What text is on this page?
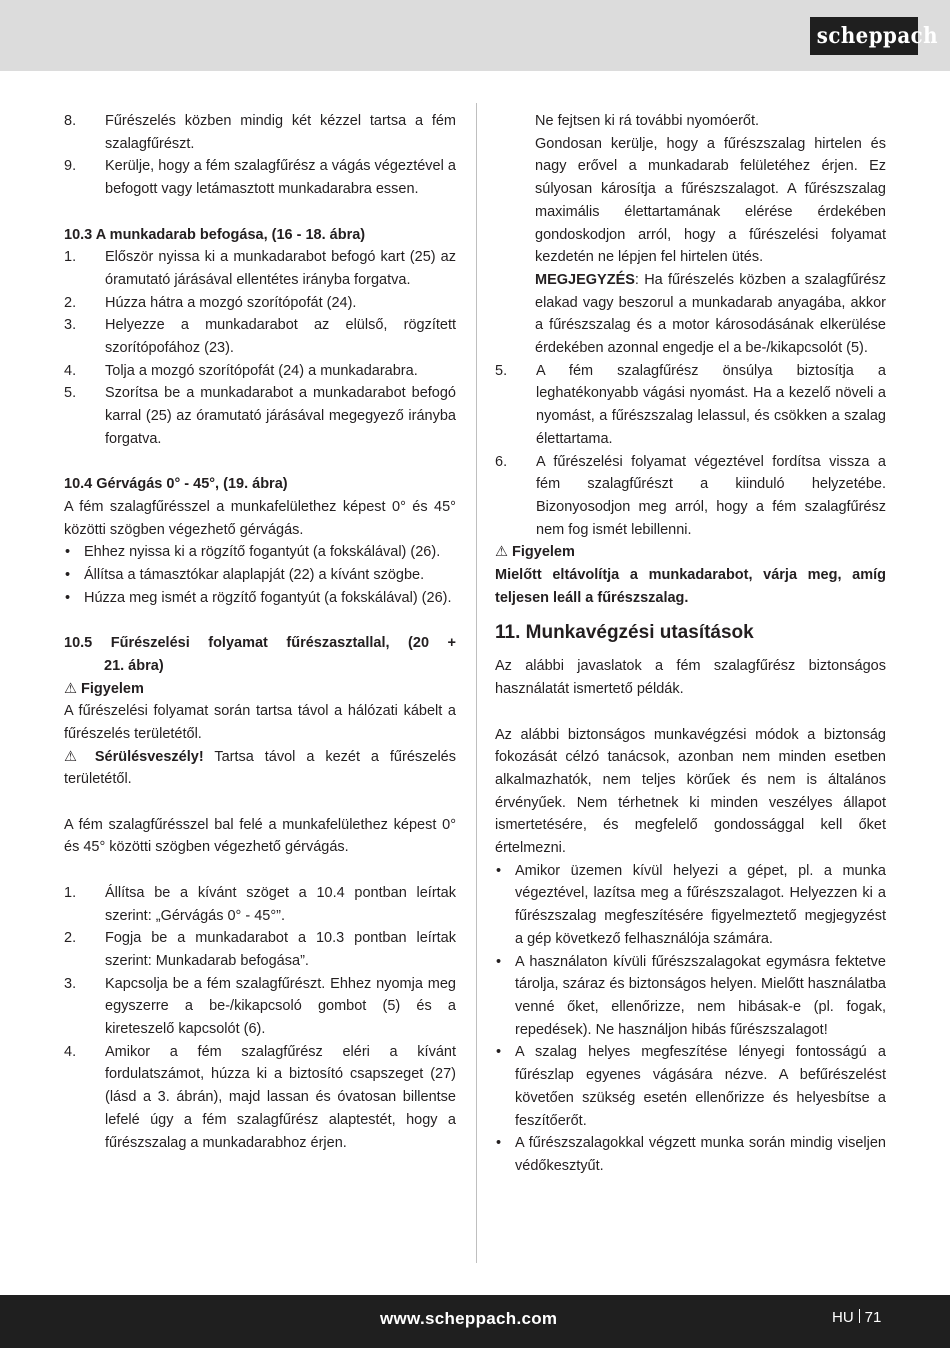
scheppach
8.	Fűrészelés közben mindig két kézzel tartsa a fém szalagfűrészt.
9.	Kerülje, hogy a fém szalagfűrész a vágás végeztével a befogott vagy letámasztott munkadarabra essen.

10.3 A munkadarab befogása, (16 - 18. ábra)

1.	Először nyissa ki a munkadarabot befogó kart (25) az óramutató járásával ellentétes irányba forgatva.
2.	Húzza hátra a mozgó szorítópofát (24).
3.	Helyezze a munkadarabot az elülső, rögzített szorítópofához (23).
4.	Tolja a mozgó szorítópofát (24) a munkadarabra.
5.	Szorítsa be a munkadarabot a munkadarabot befogó karral (25) az óramutató járásával megegyező irányba forgatva.

10.4 Gérvágás 0° - 45°, (19. ábra)

A fém szalagfűrésszel a munkafelülethez képest 0° és 45° közötti szögben végezhető gérvágás.

• Ehhez nyissa ki a rögzítő fogantyút (a fokskálával) (26).
• Állítsa a támasztókar alaplapját (22) a kívánt szögbe.
• Húzza meg ismét a rögzítő fogantyút (a fokskálával) (26).

10.5 Fűrészelési folyamat fűrészasztallal, (20 +

21. ábra)

⚠ Figyelem

A fűrészelési folyamat során tartsa távol a hálózati kábelt a fűrészelés területétől.

⚠ Sérülésveszély! Tartsa távol a kezét a fűrészelés területétől.

A fém szalagfűrésszel bal felé a munkafelülethez képest 0° és 45° közötti szögben végezhető gérvágás.

1.	Állítsa be a kívánt szöget a 10.4 pontban leírtak szerint: „Gérvágás 0° - 45°”.
2.	Fogja be a munkadarabot a 10.3 pontban leírtak szerint: Munkadarab befogása”.
3.	Kapcsolja be a fém szalagfűrészt. Ehhez nyomja meg egyszerre a be-/kikapcsoló gombot (5) és a kireteszelő kapcsolót (6).
4.	Amikor a fém szalagfűrész eléri a kívánt fordulatszámot, húzza ki a biztosító csapszeget (27) (lásd a 3. ábrán), majd lassan és óvatosan billentse lefelé úgy a fém szalagfűrész alaptestét, hogy a fűrészszalag a munkadarabhoz érjen.

Ne fejtsen ki rá további nyomóerőt.

Gondosan kerülje, hogy a fűrészszalag hirtelen és nagy erővel a munkadarab felületéhez érjen. Ez súlyosan károsítja a fűrészszalagot. A fűrészszalag maximális élettartamának elérése érdekében gondoskodjon arról, hogy a fűrészelési folyamat kezdetén ne lépjen fel hirtelen ütés.

MEGJEGYZÉS: Ha fűrészelés közben a szalagfűrész elakad vagy beszorul a munkadarab anyagába, akkor a fűrészszalag és a motor károsodásának elkerülése érdekében azonnal engedje el a be-/kikapcsolót (5).

5.	A fém szalagfűrész önsúlya biztosítja a leghatékonyabb vágási nyomást. Ha a kezelő növeli a nyomást, a fűrészszalag lelassul, és csökken a szalag élettartama.
6.	A fűrészelési folyamat végeztével fordítsa vissza a fém szalagfűrészt a kiinduló helyzetébe. Bizonyosodjon meg arról, hogy a fém szalagfűrész nem fog ismét lebillenni.

⚠ Figyelem

Mielőtt eltávolítja a munkadarabot, várja meg, amíg teljesen leáll a fűrészszalag.

11. Munkavégzési utasítások

Az alábbi javaslatok a fém szalagfűrész biztonságos használatát ismertető példák.

Az alábbi biztonságos munkavégzési módok a biztonság fokozását célzó tanácsok, azonban nem minden esetben alkalmazhatók, nem teljes körűek és nem is általános érvényűek. Nem térhetnek ki minden veszélyes állapot ismertetésére, és megfelelő gondossággal kell őket értelmezni.

• Amikor üzemen kívül helyezi a gépet, pl. a munka végeztével, lazítsa meg a fűrészszalagot. Helyezzen ki a fűrészszalag megfeszítésére figyelmeztető megjegyzést a gép következő felhasználója számára.
• A használaton kívüli fűrészszalagokat egymásra fektetve tárolja, száraz és biztonságos helyen. Mielőtt használatba venné őket, ellenőrizze, nem hibásak-e (pl. fogak, repedések). Ne használjon hibás fűrészszalagot!
• A szalag helyes megfeszítése lényegi fontosságú a fűrészlap egyenes vágására nézve. A befűrészelést követően szükség esetén ellenőrizze és helyesbítse a feszítőerőt.
• A fűrészszalagokkal végzett munka során mindig viseljen védőkesztyűt.
www.scheppach.com	HU 71
